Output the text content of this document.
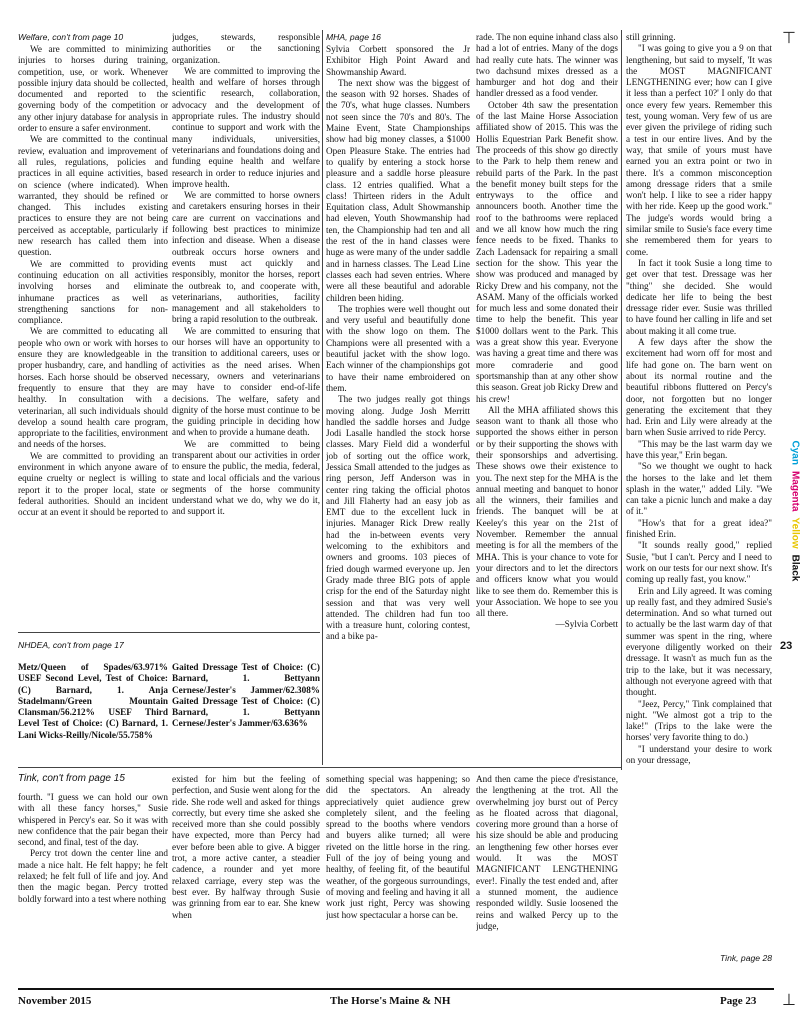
Welfare, con't from page 10

We are committed to minimizing injuries to horses during training, competition, use, or work. Whenever possible injury data should be collected, documented and reported to the governing body of the competition or any other injury database for analysis in order to ensure a safer environment.

We are committed to the continual review, evaluation and improvement of all rules, regulations, policies and practices in all equine activities, based on science (where indicated). When warranted, they should be refined or changed. This includes existing practices to ensure they are not being perceived as acceptable, particularly if new research has called them into question.

We are committed to providing continuing education on all activities involving horses and eliminate inhumane practices as well as strengthening sanctions for non-compliance.

We are committed to educating all people who own or work with horses to ensure they are knowledgeable in the proper husbandry, care, and handling of horses. Each horse should be observed frequently to ensure that they are healthy. In consultation with a veterinarian, all such individuals should develop a sound health care program, appropriate to the facilities, environment and needs of the horses.

We are committed to providing an environment in which anyone aware of equine cruelty or neglect is willing to report it to the proper local, state or federal authorities. Should an incident occur at an event it should be reported to

judges, stewards, responsible authorities or the sanctioning organization.

We are committed to improving the health and welfare of horses through scientific research, collaboration, advocacy and the development of appropriate rules. The industry should continue to support and work with the many individuals, universities, veterinarians and foundations doing and funding equine health and welfare research in order to reduce injuries and improve health.

We are committed to horse owners and caretakers ensuring horses in their care are current on vaccinations and following best practices to minimize infection and disease. When a disease outbreak occurs horse owners and events must act quickly and responsibly, monitor the horses, report the outbreak to, and cooperate with, veterinarians, authorities, facility management and all stakeholders to bring a rapid resolution to the outbreak.

We are committed to ensuring that our horses will have an opportunity to transition to additional careers, uses or activities as the need arises. When necessary, owners and veterinarians may have to consider end-of-life decisions. The welfare, safety and dignity of the horse must continue to be the guiding principle in deciding how and when to provide a humane death.

We are committed to being transparent about our activities in order to ensure the public, the media, federal, state and local officials and the various segments of the horse community understand what we do, why we do it, and support it.

NHDEA, con't from page 17

Metz/Queen of Spades/63.971% USEF Second Level, Test of Choice: (C) Barnard, 1. Anja Stadelmann/Green Mountain Clansman/56.212% USEF Third Level Test of Choice: (C) Barnard, 1. Lani Wicks-Reilly/Nicole/55.758%

Gaited Dressage Test of Choice: (C) Barnard, 1. Bettyann Cernese/Jester's Jammer/62.308% Gaited Dressage Test of Choice: (C) Barnard, 1. Bettyann Cernese/Jester's Jammer/63.636%

MHA, page 16

Sylvia Corbett sponsored the Jr Exhibitor High Point Award and Showmanship Award.

The next show was the biggest of the season with 92 horses. Shades of the 70's, what huge classes. Numbers not seen since the 70's and 80's. The Maine Event, State Championships show had big money classes, a $1000 Open Pleasure Stake. The entries had to qualify by entering a stock horse pleasure and a saddle horse pleasure class. 12 entries qualified. What a class! Thirteen riders in the Adult Equitation class, Adult Showmanship had eleven, Youth Showmanship had ten, the Championship had ten and all the rest of the in hand classes were huge as were many of the under saddle and in harness classes. The Lead Line classes each had seven entries. Where were all these beautiful and adorable children been hiding.

The trophies were well thought out and very useful and beautifully done with the show logo on them. The Champions were all presented with a beautiful jacket with the show logo. Each winner of the championships got to have their name embroidered on them.

The two judges really got things moving along. Judge Josh Merritt handled the saddle horses and Judge Jodi Lasalle handled the stock horse classes. Mary Field did a wonderful job of sorting out the office work, Jessica Small attended to the judges as ring person, Jeff Anderson was in center ring taking the official photos and Jill Flaherty had an easy job as EMT due to the excellent luck in injuries. Manager Rick Drew really had the in-between events very welcoming to the exhibitors and owners and grooms. 103 pieces of fried dough warmed everyone up. Jen Grady made three BIG pots of apple crisp for the end of the Saturday night session and that was very well attended. The children had fun too with a treasure hunt, coloring contest, and a bike pa-

rade. The non equine inhand class also had a lot of entries. Many of the dogs had really cute hats. The winner was two dachsund mixes dressed as a hamburger and hot dog and their handler dressed as a food vender.

October 4th saw the presentation of the last Maine Horse Association affiliated show of 2015. This was the Hollis Equestrian Park Benefit show. The proceeds of this show go directly to the Park to help them renew and rebuild parts of the Park. In the past the benefit money built steps for the entryways to the office and announcers booth. Another time the roof to the bathrooms were replaced and we all know how much the ring fence needs to be fixed. Thanks to Zach Ladensack for repairing a small section for the show. This year the show was produced and managed by Ricky Drew and his company, not the ASAM. Many of the officials worked for much less and some donated their time to help the benefit. This year $1000 dollars went to the Park. This was a great show this year. Everyone was having a great time and there was more comraderie and good sportsmanship than at any other show this season. Great job Ricky Drew and his crew!

All the MHA affiliated shows this season want to thank all those who supported the shows either in person or by their supporting the shows with their sponsorships and advertising. These shows owe their existence to you. The next step for the MHA is the annual meeting and banquet to honor all the winners, their families and friends. The banquet will be at Keeley's this year on the 21st of November. Remember the annual meeting is for all the members of the MHA. This is your chance to vote for your directors and to let the directors and officers know what you would like to see them do. Remember this is your Association. We hope to see you all there.

—Sylvia Corbett

still grinning.

"I was going to give you a 9 on that lengthening, but said to myself, 'It was the MOST MAGNIFICANT LENGTHENING ever; how can I give it less than a perfect 10?' I only do that once every few years. Remember this test, young woman. Very few of us are ever given the privilege of riding such a test in our entire lives. And by the way, that smile of yours must have earned you an extra point or two in there. It's a common misconception among dressage riders that a smile won't help. I like to see a rider happy with her ride. Keep up the good work." The judge's words would bring a similar smile to Susie's face every time she remembered them for years to come.

In fact it took Susie a long time to get over that test. Dressage was her "thing" she decided. She would dedicate her life to being the best dressage rider ever. Susie was thrilled to have found her calling in life and set about making it all come true.

A few days after the show the excitement had worn off for most and life had gone on. The barn went on about its normal routine and the beautiful ribbons fluttered on Percy's door, not forgotten but no longer generating the excitement that they had. Erin and Lily were already at the barn when Susie arrived to ride Percy.

"This may be the last warm day we have this year," Erin began.

"So we thought we ought to hack the horses to the lake and let them splash in the water," added Lily. "We can take a picnic lunch and make a day of it."

"How's that for a great idea?" finished Erin.

"It sounds really good," replied Susie, "but I can't. Percy and I need to work on our tests for our next show. It's coming up really fast, you know."

Erin and Lily agreed. It was coming up really fast, and they admired Susie's determination. And so what turned out to actually be the last warm day of that summer was spent in the ring, where everyone diligently worked on their dressage. It wasn't as much fun as the trip to the lake, but it was necessary, although not everyone agreed with that thought.

"Jeez, Percy," Tink complained that night. "We almost got a trip to the lake!" (Trips to the lake were the horses' very favorite thing to do.)

"I understand your desire to work on your dressage,

Tink, page 28
Tink, con't from page 15

fourth. "I guess we can hold our own with all these fancy horses," Susie whispered in Percy's ear. So it was with new confidence that the pair began their second, and final, test of the day.

Percy trot down the center line and made a nice halt. He felt happy; he felt relaxed; he felt full of life and joy. And then the magic began. Percy trotted boldly forward into a test where nothing

existed for him but the feeling of perfection, and Susie went along for the ride. She rode well and asked for things correctly, but every time she asked she received more than she could possibly have expected, more than Percy had ever before been able to give. A bigger trot, a more active canter, a steadier cadence, a rounder and yet more relaxed carriage, every step was the best ever. By halfway through Susie was grinning from ear to ear. She knew when

something special was happening; so did the spectators. An already appreciatively quiet audience grew completely silent, and the feeling spread to the booths where vendors and buyers alike turned; all were riveted on the little horse in the ring. Full of the joy of being young and healthy, of feeling fit, of the beautiful weather, of the gorgeous surroundings, of moving and feeling and having it all work just right, Percy was showing just how spectacular a horse can be.

And then came the piece d'resistance, the lengthening at the trot. All the overwhelming joy burst out of Percy as he floated across that diagonal, covering more ground than a horse of his size should be able and producing an lengthening few other horses ever would. It was the MOST MAGNIFICANT LENGTHENING ever!. Finally the test ended and, after a stunned moment, the audience responded wildly. Susie loosened the reins and walked Percy up to the judge,

November 2015	The Horse's Maine & NH	Page 23
⊤
⊥
CyanMagentaYellowBlack
23
